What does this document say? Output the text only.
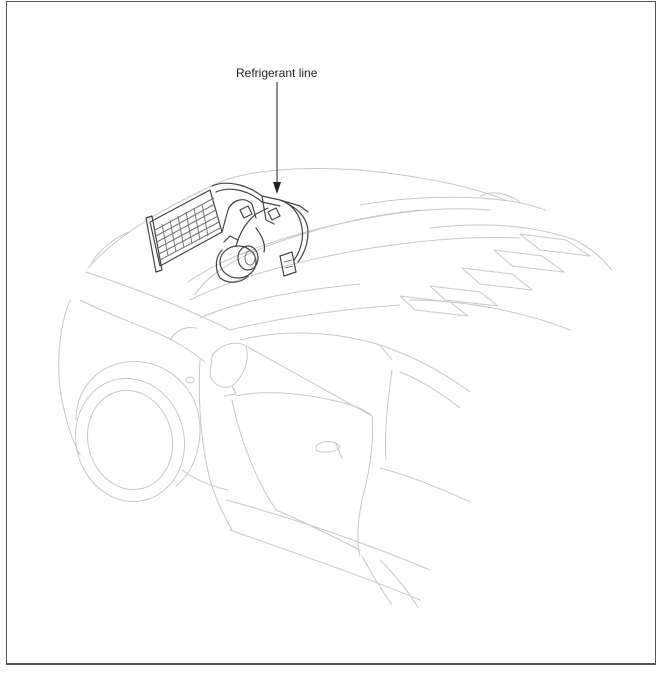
Refrigerant line
